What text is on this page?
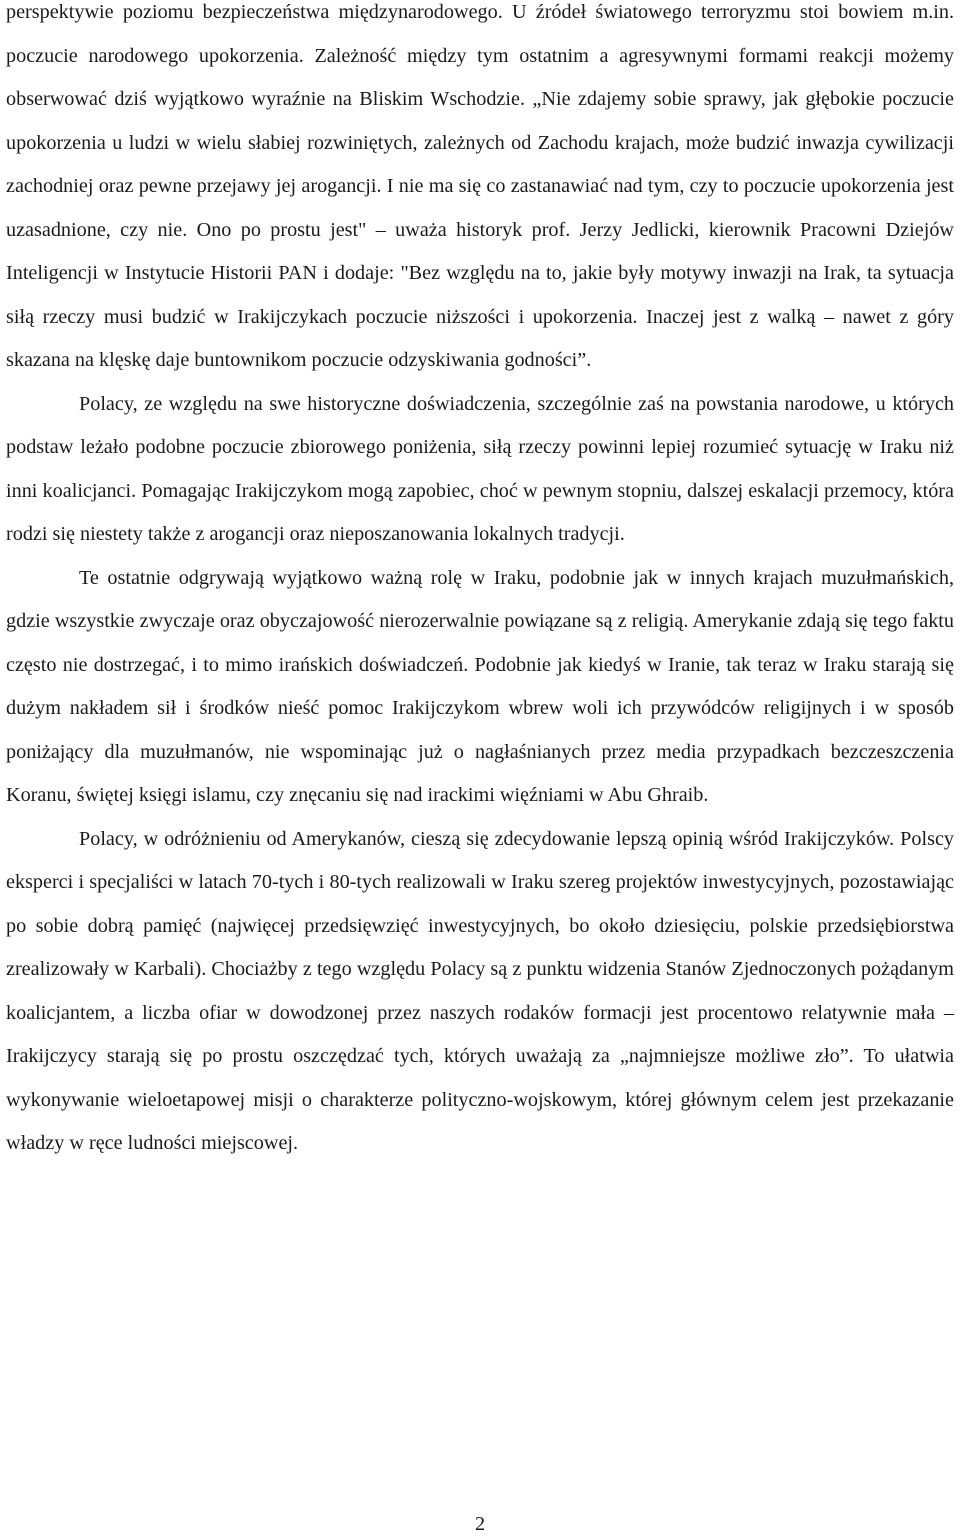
perspektywie poziomu bezpieczeństwa międzynarodowego. U źródeł światowego terroryzmu stoi bowiem m.in. poczucie narodowego upokorzenia. Zależność między tym ostatnim a agresywnymi formami reakcji możemy obserwować dziś wyjątkowo wyraźnie na Bliskim Wschodzie. „Nie zdajemy sobie sprawy, jak głębokie poczucie upokorzenia u ludzi w wielu słabiej rozwiniętych, zależnych od Zachodu krajach, może budzić inwazja cywilizacji zachodniej oraz pewne przejawy jej arogancji. I nie ma się co zastanawiać nad tym, czy to poczucie upokorzenia jest uzasadnione, czy nie. Ono po prostu jest" – uważa historyk prof. Jerzy Jedlicki, kierownik Pracowni Dziejów Inteligencji w Instytucie Historii PAN i dodaje: "Bez względu na to, jakie były motywy inwazji na Irak, ta sytuacja siłą rzeczy musi budzić w Irakijczykach poczucie niższości i upokorzenia. Inaczej jest z walką – nawet z góry skazana na klęskę daje buntownikom poczucie odzyskiwania godności”.

Polacy, ze względu na swe historyczne doświadczenia, szczególnie zaś na powstania narodowe, u których podstaw leżało podobne poczucie zbiorowego poniżenia, siłą rzeczy powinni lepiej rozumieć sytuację w Iraku niż inni koalicjanci. Pomagając Irakijczykom mogą zapobiec, choć w pewnym stopniu, dalszej eskalacji przemocy, która rodzi się niestety także z arogancji oraz nieposzanowania lokalnych tradycji.

Te ostatnie odgrywają wyjątkowo ważną rolę w Iraku, podobnie jak w innych krajach muzułmańskich, gdzie wszystkie zwyczaje oraz obyczajowość nierozerwalnie powiązane są z religią. Amerykanie zdają się tego faktu często nie dostrzegać, i to mimo irańskich doświadczeń. Podobnie jak kiedyś w Iranie, tak teraz w Iraku starają się dużym nakładem sił i środków nieść pomoc Irakijczykom wbrew woli ich przywódców religijnych i w sposób poniżający dla muzułmanów, nie wspominając już o nagłaśnianych przez media przypadkach bezczeszczenia Koranu, świętej księgi islamu, czy znęcaniu się nad irackimi więźniami w Abu Ghraib.

Polacy, w odróżnieniu od Amerykanów, cieszą się zdecydowanie lepszą opinią wśród Irakijczyków. Polscy eksperci i specjaliści w latach 70-tych i 80-tych realizowali w Iraku szereg projektów inwestycyjnych, pozostawiając po sobie dobrą pamięć (najwięcej przedsięwzięć inwestycyjnych, bo około dziesięciu, polskie przedsiębiorstwa zrealizowały w Karbali). Chociażby z tego względu Polacy są z punktu widzenia Stanów Zjednoczonych pożądanym koalicjantem, a liczba ofiar w dowodzonej przez naszych rodaków formacji jest procentowo relatywnie mała – Irakijczycy starają się po prostu oszczędzać tych, których uważają za „najmniejsze możliwe zło”. To ułatwia wykonywanie wieloetapowej misji o charakterze polityczno-wojskowym, której głównym celem jest przekazanie władzy w ręce ludności miejscowej.

2
